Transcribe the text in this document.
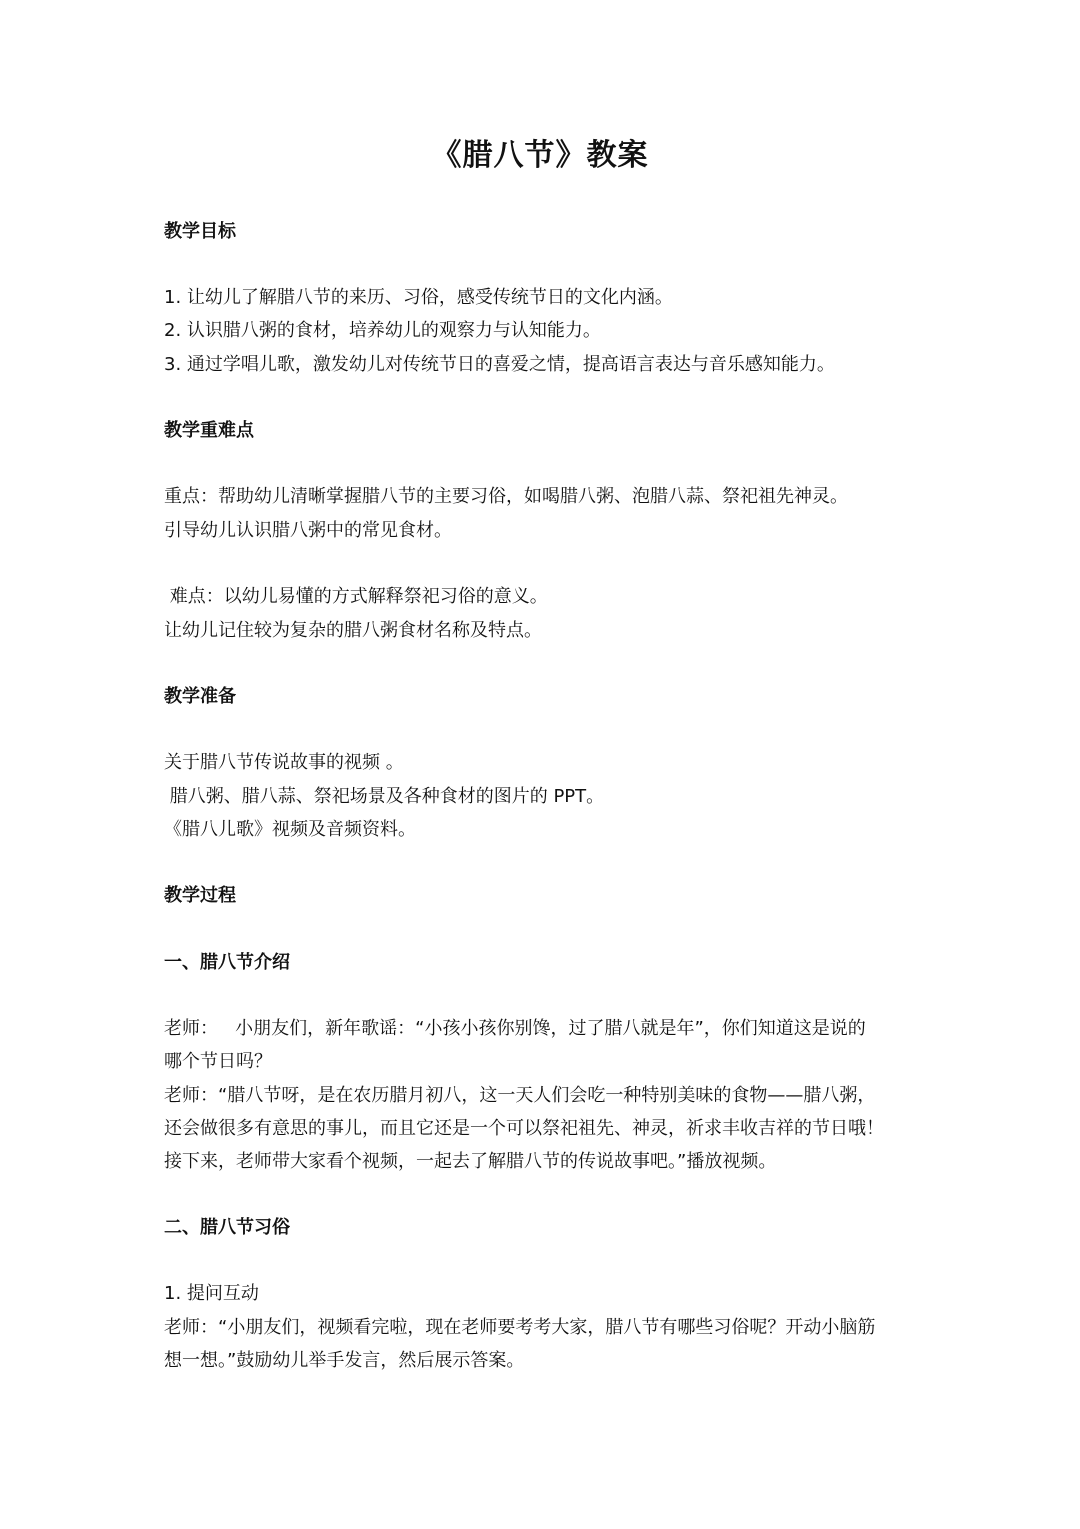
《腊八节》教案
教学目标
1. 让幼儿了解腊八节的来历、习俗，感受传统节日的文化内涵。
2. 认识腊八粥的食材，培养幼儿的观察力与认知能力。
3. 通过学唱儿歌，激发幼儿对传统节日的喜爱之情，提高语言表达与音乐感知能力。
教学重难点
重点：帮助幼儿清晰掌握腊八节的主要习俗，如喝腊八粥、泡腊八蒜、祭祀祖先神灵。
引导幼儿认识腊八粥中的常见食材。
难点：以幼儿易懂的方式解释祭祀习俗的意义。
让幼儿记住较为复杂的腊八粥食材名称及特点。
教学准备
关于腊八节传说故事的视频 。
腊八粥、腊八蒜、祭祀场景及各种食材的图片的 PPT。
《腊八儿歌》视频及音频资料。
教学过程
一、腊八节介绍
老师：   小朋友们，新年歌谣：“小孩小孩你别馋，过了腊八就是年”，你们知道这是说的
哪个节日吗？
老师：“腊八节呀，是在农历腊月初八，这一天人们会吃一种特别美味的食物——腊八粥，
还会做很多有意思的事儿，而且它还是一个可以祭祀祖先、神灵，祈求丰收吉祥的节日哦！
接下来，老师带大家看个视频，一起去了解腊八节的传说故事吧。”播放视频。
二、腊八节习俗
1. 提问互动
老师：“小朋友们，视频看完啦，现在老师要考考大家，腊八节有哪些习俗呢？开动小脑筋
想一想。”鼓励幼儿举手发言，然后展示答案。
